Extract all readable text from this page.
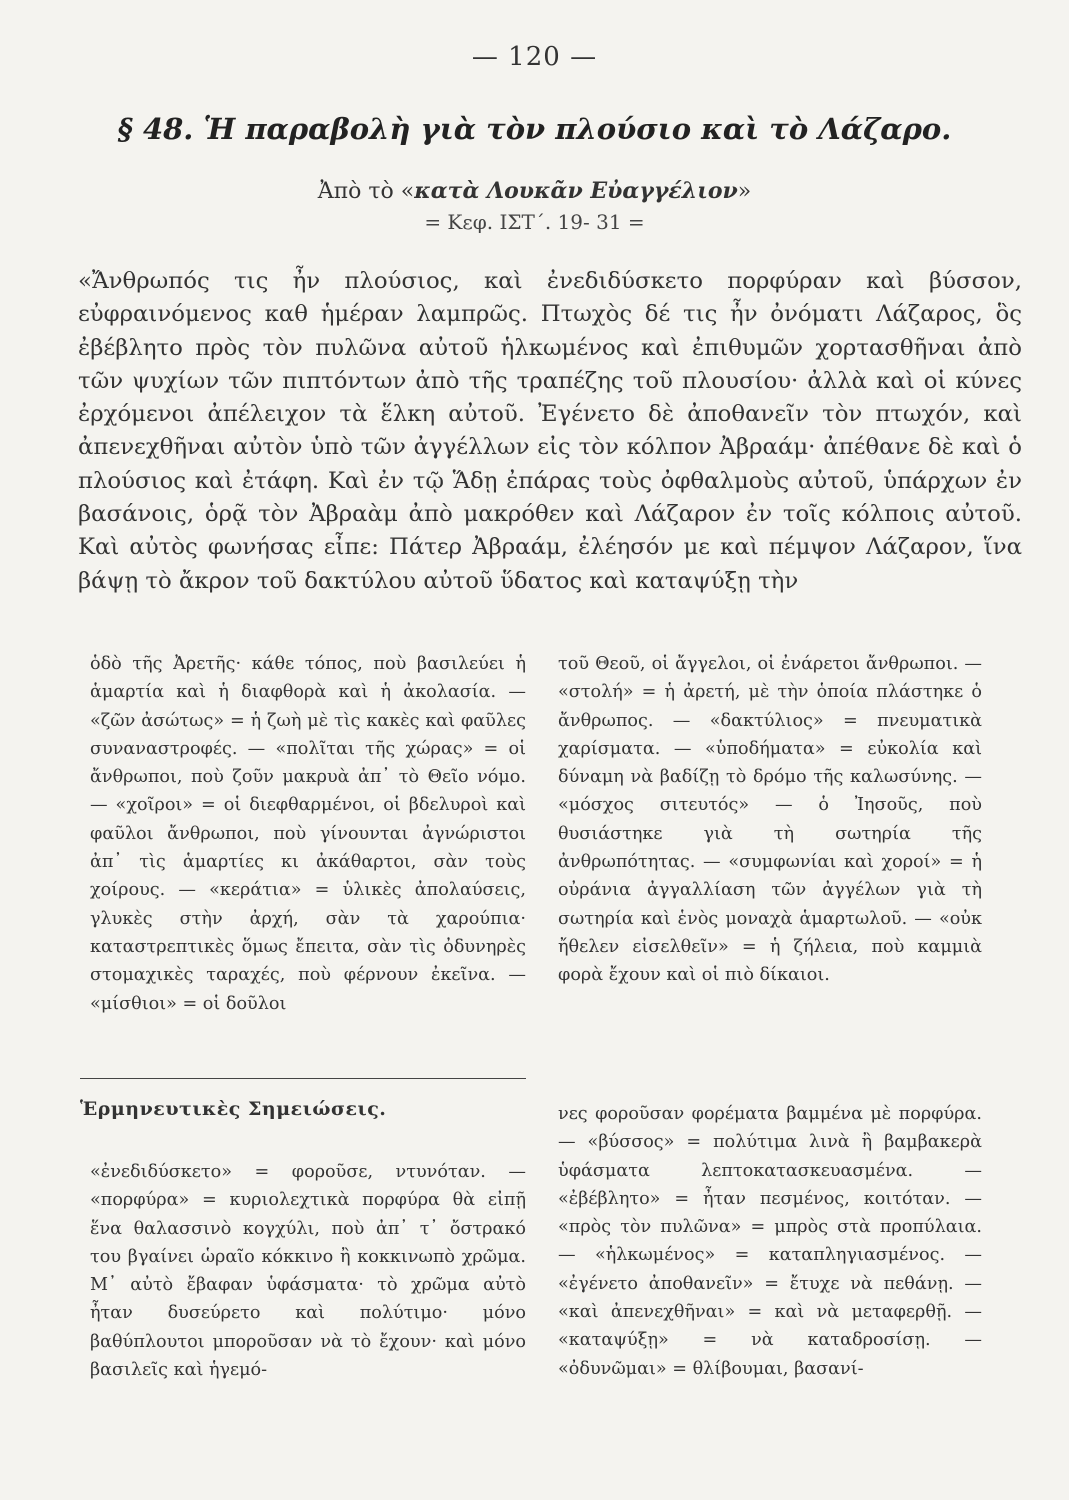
— 120 —
§ 48. Ἡ παραβολὴ γιὰ τὸν πλούσιο καὶ τὸ Λάζαρο.
Ἀπὸ τὸ «κατὰ Λουκᾶν Εὐαγγέλιον»
= Κεφ. ΙΣΤ΄. 19- 31 =
«Ἄνθρωπός τις ἦν πλούσιος, καὶ ἐνεδιδύσκετο πορφύραν καὶ βύσσον, εὐφραινόμενος καθ ἡμέραν λαμπρῶς. Πτωχὸς δέ τις ἦν ὀνόματι Λάζαρος, ὃς ἐβέβλητο πρὸς τὸν πυλῶνα αὐτοῦ ἡλκωμένος καὶ ἐπιθυμῶν χορτασθῆναι ἀπὸ τῶν ψυχίων τῶν πιπτόντων ἀπὸ τῆς τραπέζης τοῦ πλουσίου· ἀλλὰ καὶ οἱ κύνες ἐρχόμενοι ἀπέλειχον τὰ ἕλκη αὐτοῦ. Ἐγένετο δὲ ἀποθανεῖν τὸν πτωχόν, καὶ ἀπενεχθῆναι αὐτὸν ὑπὸ τῶν ἀγγέλλων εἰς τὸν κόλπον Ἀβραάμ· ἀπέθανε δὲ καὶ ὁ πλούσιος καὶ ἐτάφη. Καὶ ἐν τῷ Ἅδῃ ἐπάρας τοὺς ὀφθαλμοὺς αὐτοῦ, ὑπάρχων ἐν βασάνοις, ὁρᾷ τὸν Ἀβραὰμ ἀπὸ μακρόθεν καὶ Λάζαρον ἐν τοῖς κόλποις αὐτοῦ. Καὶ αὐτὸς φωνήσας εἶπε: Πάτερ Ἀβραάμ, ἐλέησόν με καὶ πέμψον Λάζαρον, ἵνα βάψῃ τὸ ἄκρον τοῦ δακτύλου αὐτοῦ ὕδατος καὶ καταψύξῃ τὴν
ὁδὸ τῆς Ἀρετῆς· κάθε τόπος, ποὺ βασιλεύει ἡ ἁμαρτία καὶ ἡ διαφθορὰ καὶ ἡ ἀκολασία. — «ζῶν ἀσώτως» = ἡ ζωὴ μὲ τὶς κακὲς καὶ φαῦλες συναναστροφές. — «πολῖται τῆς χώρας» = οἱ ἄνθρωποι, ποὺ ζοῦν μακρυὰ ἀπ᾽ τὸ Θεῖο νόμο. — «χοῖροι» = οἱ διεφθαρμένοι, οἱ βδελυροὶ καὶ φαῦλοι ἄνθρωποι, ποὺ γίνουνται ἀγνώριστοι ἀπ᾽ τὶς ἁμαρτίες κι ἀκάθαρτοι, σὰν τοὺς χοίρους. — «κεράτια» = ὑλικὲς ἀπολαύσεις, γλυκὲς στὴν ἀρχή, σὰν τὰ χαρούπια· καταστρεπτικὲς ὅμως ἔπειτα, σὰν τὶς ὀδυνηρὲς στομαχικὲς ταραχές, ποὺ φέρνουν ἐκεῖνα. — «μίσθιοι» = οἱ δοῦλοι
τοῦ Θεοῦ, οἱ ἄγγελοι, οἱ ἐνάρετοι ἄνθρωποι. — «στολή» = ἡ ἀρετή, μὲ τὴν ὁποία πλάστηκε ὁ ἄνθρωπος. — «δακτύλιος» = πνευματικὰ χαρίσματα. — «ὑποδήματα» = εὐκολία καὶ δύναμη νὰ βαδίζῃ τὸ δρόμο τῆς καλωσύνης. — «μόσχος σιτευτός» — ὁ Ἰησοῦς, ποὺ θυσιάστηκε γιὰ τὴ σωτηρία τῆς ἀνθρωπότητας. — «συμφωνίαι καὶ χοροί» = ἡ οὐράνια ἀγγαλλίαση τῶν ἀγγέλων γιὰ τὴ σωτηρία καὶ ἑνὸς μοναχὰ ἁμαρτωλοῦ. — «οὐκ ἤθελεν εἰσελθεῖν» = ἡ ζήλεια, ποὺ καμμιὰ φορὰ ἔχουν καὶ οἱ πιὸ δίκαιοι.
Ἑρμηνευτικὲς Σημειώσεις.
«ἐνεδιδύσκετο» = φοροῦσε, ντυνόταν. — «πορφύρα» = κυριολεχτικὰ πορφύρα θὰ εἰπῇ ἕνα θαλασσινὸ κογχύλι, ποὺ ἀπ᾽ τ᾽ ὄστρακό του βγαίνει ὡραῖο κόκκινο ἢ κοκκινωπὸ χρῶμα. Μ᾽ αὐτὸ ἔβαφαν ὑφάσματα· τὸ χρῶμα αὐτὸ ἦταν δυσεύρετο καὶ πολύτιμο· μόνο βαθύπλουτοι μποροῦσαν νὰ τὸ ἔχουν· καὶ μόνο βασιλεῖς καὶ ἡγεμό-
νες φοροῦσαν φορέματα βαμμένα μὲ πορφύρα. — «βύσσος» = πολύτιμα λινὰ ἢ βαμβακερὰ ὑφάσματα λεπτοκατασκευασμένα. — «ἐβέβλητο» = ἦταν πεσμένος, κοιτόταν. — «πρὸς τὸν πυλῶνα» = μπρὸς στὰ προπύλαια. — «ἡλκωμένος» = καταπληγιασμένος. — «ἐγένετο ἀποθανεῖν» = ἔτυχε νὰ πεθάνῃ. — «καὶ ἀπενεχθῆναι» = καὶ νὰ μεταφερθῇ. — «καταψύξῃ» = νὰ καταδροσίσῃ. — «ὀδυνῶμαι» = θλίβουμαι, βασανί-
